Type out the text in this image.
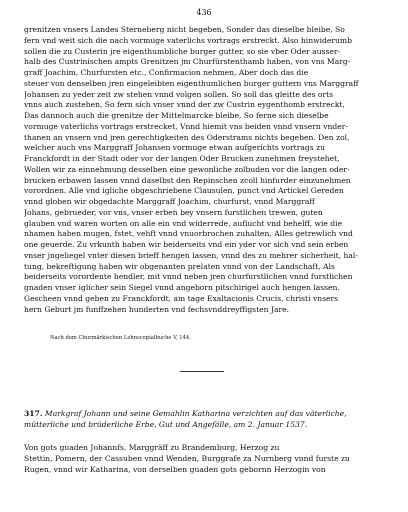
436
grenitzen vnsers Landes Sterneberg nicht begeben, Sonder das dieselbe bleibe, So
fern vnd weit sich die nach vormuge vaterlichs vortrags erstreckt. Also hinwiderumb
sollen die zu Custerin jre eigenthumbliche burger gutter, so sie vber Oder ausser-
halb des Custrinischen ampts Grenitzen jm Churfürstenthamb haben, von vns Marg-
graff Joachim, Churfursten etc., Confirmacion nehmen, Aber doch das die
steuer von denselben jren eingeleibten eigenthumlichen burger guttern vns Marggraff
Johansen zu yeder zeit zw stehen vnnd volgen sollen. So soll das gleitte des orts
vnns auch zustehen, So fern sich vnser vnnd der zw Custrin eygenthomb erstreckt,
Das dannoch auch die grenitze der Mittelmarcke bleibe, So ferne sich dieselbe
vormuge vaterlichs vortrags erstrecket, Vnnd hiemit vns beiden vnnd vnsern vnder-
thanen an vnsern vnd jren gerechtigkeiten des Oderstrams nichts begeben. Den zol,
welcher auch vns Marggraff Johansen vormuge etwan aufgerichts vortrags zu
Franckfordt in der Stadt oder vor der langen Oder Brucken zunehmen freystehet,
Wollen wir za einnehmung desselben eine gewonliche zolbuden vor die langen oder-
brucken erbawen lassen vnnd daselbst den Repinschen zcoll hinfurder einzunehmen
vorordnen. Alle vnd igliche obgeschriebene Clausulen, punct vnd Artickel Gereden
vnnd globen wir obgedachte Marggraff Joachim, churfurst, vnnd Marggraff
Johans, gebrueder, vor vns, vnser erben bey vnsern furstlichen trewen, guten
glauben vnd waren worten on alle ein vnd widerrede, auflucht vnd behelff, wie die
nhamen haben mugen, fstet, vehft vnnd vnuorbrochen zuhalten, Alles getrewlich vnd
one geuerde. Zu vrkunth haben wir beiderseits vnd ein yder vor sich vnd sein erben
vnser jngeliegel vnter diesen brieff hengen lassen, vnnd des zu mehrer sicherheit, hal-
tung, bekreftigung haben wir obgenanten prelaten vnnd von der Landschaft, Als
beiderseits vorordente hendler, mit vnnd neben jren churfurstlichen vnnd furstlichen
gnaden vnser iglicher sein Siegel vnnd angeborn pitschirigel auch hengen lassen.
Gescheen vnnd geben zu Franckfordt, am tage Exaltacionis Crucis, christi vnsers
hern Geburt jm funffzehen hunderten vnd fechsvnddreyffigsten Jare.
Nach dem Churmärkischen Lehnscopialbuche V, 144.
317. Markgraf Johann und seine Gemahlin Katharina verzichten auf das väterliche, mütterliche und brüderliche Erbe, Gut und Angefälle, am 2. Januar 1537.
Von gots guaden Johannfs, Marggräff zu Brandemburg, Herzog zu
Stettin, Pomern, der Cassuben vnnd Wenden, Burggrafe za Nurnberg vnnd furste zu
Rugen, vnnd wir Katharina, von derselben guaden gots gebornn Herzogin von
